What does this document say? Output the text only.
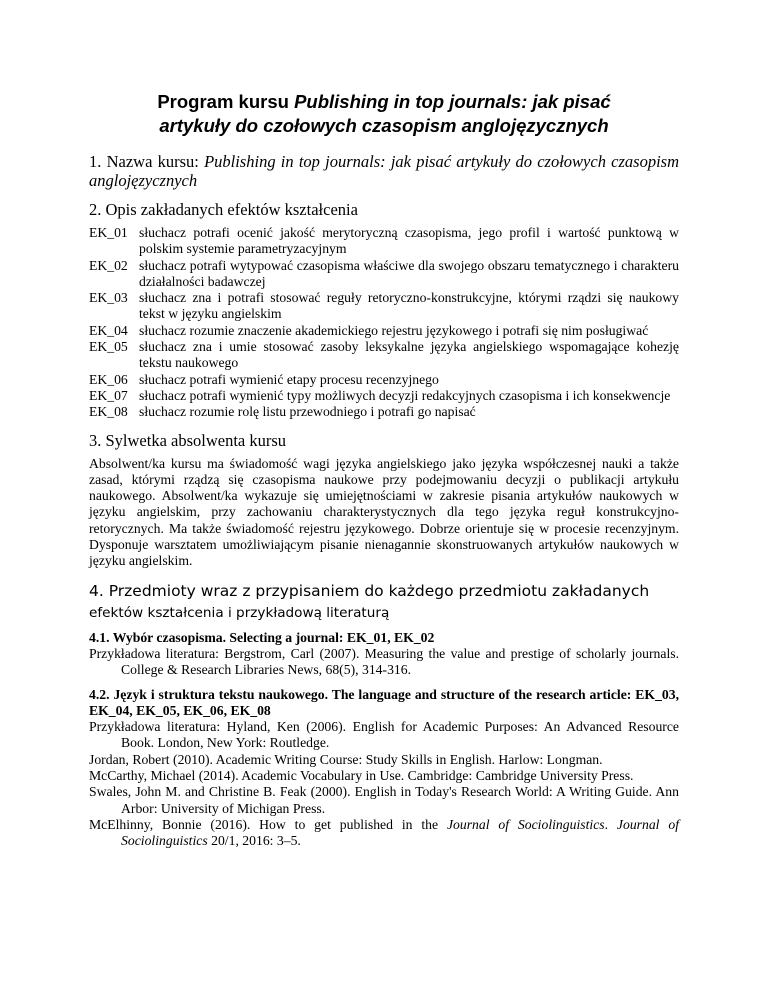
Program kursu Publishing in top journals: jak pisać
artykuły do czołowych czasopism anglojęzycznych
1. Nazwa kursu: Publishing in top journals: jak pisać artykuły do czołowych czasopism anglojęzycznych
2. Opis zakładanych efektów kształcenia
EK_01 słuchacz potrafi ocenić jakość merytoryczną czasopisma, jego profil i wartość punktową w polskim systemie parametryzacyjnym
EK_02 słuchacz potrafi wytypować czasopisma właściwe dla swojego obszaru tematycznego i charakteru działalności badawczej
EK_03 słuchacz zna i potrafi stosować reguły retoryczno-konstrukcyjne, którymi rządzi się naukowy tekst w języku angielskim
EK_04 słuchacz rozumie znaczenie akademickiego rejestru językowego i potrafi się nim posługiwać
EK_05 słuchacz zna i umie stosować zasoby leksykalne języka angielskiego wspomagające kohezję tekstu naukowego
EK_06 słuchacz potrafi wymienić etapy procesu recenzyjnego
EK_07 słuchacz potrafi wymienić typy możliwych decyzji redakcyjnych czasopisma i ich konsekwencje
EK_08 słuchacz rozumie rolę listu przewodniego i potrafi go napisać
3. Sylwetka absolwenta kursu

Absolwent/ka kursu ma świadomość wagi języka angielskiego jako języka współczesnej nauki a także zasad, którymi rządzą się czasopisma naukowe przy podejmowaniu decyzji o publikacji artykułu naukowego. Absolwent/ka wykazuje się umiejętnościami w zakresie pisania artykułów naukowych w języku angielskim, przy zachowaniu charakterystycznych dla tego języka reguł konstrukcyjno-retorycznych. Ma także świadomość rejestru językowego. Dobrze orientuje się w procesie recenzyjnym. Dysponuje warsztatem umożliwiającym pisanie nienagannie skonstruowanych artykułów naukowych w języku angielskim.

4. Przedmioty wraz z przypisaniem do każdego przedmiotu zakładanych
efektów kształcenia i przykładową literaturą
4.1. Wybór czasopisma. Selecting a journal: EK_01, EK_02

Przykładowa literatura: Bergstrom, Carl (2007). Measuring the value and prestige of scholarly journals. College & Research Libraries News, 68(5), 314-316.

4.2. Język i struktura tekstu naukowego. The language and structure of the research article: EK_03, EK_04, EK_05, EK_06, EK_08

Przykładowa literatura: Hyland, Ken (2006). English for Academic Purposes: An Advanced Resource Book. London, New York: Routledge.

Jordan, Robert (2010). Academic Writing Course: Study Skills in English. Harlow: Longman.

McCarthy, Michael (2014). Academic Vocabulary in Use. Cambridge: Cambridge University Press.

Swales, John M. and Christine B. Feak (2000). English in Today's Research World: A Writing Guide. Ann Arbor: University of Michigan Press.

McElhinny, Bonnie (2016). How to get published in the Journal of Sociolinguistics. Journal of Sociolinguistics 20/1, 2016: 3–5.
